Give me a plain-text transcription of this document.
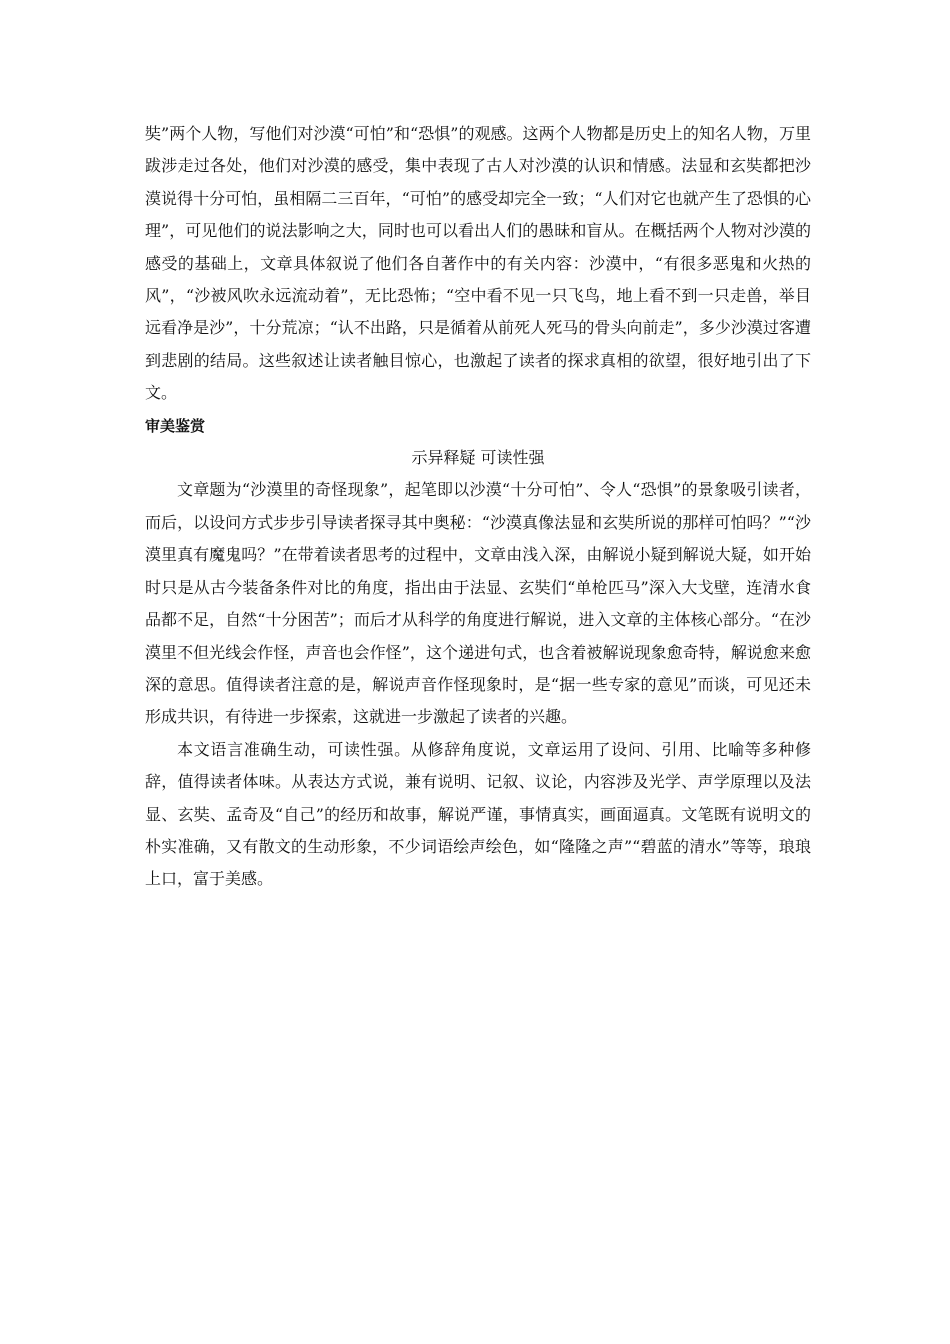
奘”两个人物，写他们对沙漠“可怕”和“恐惧”的观感。这两个人物都是历史上的知名人物，万里跋涉走过各处，他们对沙漠的感受，集中表现了古人对沙漠的认识和情感。法显和玄奘都把沙漠说得十分可怕，虽相隔二三百年，“可怕”的感受却完全一致；“人们对它也就产生了恐惧的心理”，可见他们的说法影响之大，同时也可以看出人们的愚昧和盲从。在概括两个人物对沙漠的感受的基础上，文章具体叙说了他们各自著作中的有关内容：沙漠中，“有很多恶鬼和火热的风”，“沙被风吹永远流动着”，无比恐怖；“空中看不见一只飞鸟，地上看不到一只走兽，举目远看净是沙”，十分荒凉；“认不出路，只是循着从前死人死马的骨头向前走”，多少沙漠过客遭到悲剧的结局。这些叙述让读者触目惊心，也激起了读者的探求真相的欲望，很好地引出了下文。

审美鉴赏

示异释疑 可读性强

文章题为“沙漠里的奇怪现象”，起笔即以沙漠“十分可怕”、令人“恐惧”的景象吸引读者，而后，以设问方式步步引导读者探寻其中奥秘：“沙漠真像法显和玄奘所说的那样可怕吗？”“沙漠里真有魔鬼吗？”在带着读者思考的过程中，文章由浅入深，由解说小疑到解说大疑，如开始时只是从古今装备条件对比的角度，指出由于法显、玄奘们“单枪匹马”深入大戈壁，连清水食品都不足，自然“十分困苦”；而后才从科学的角度进行解说，进入文章的主体核心部分。“在沙漠里不但光线会作怪，声音也会作怪”，这个递进句式，也含着被解说现象愈奇特，解说愈来愈深的意思。值得读者注意的是，解说声音作怪现象时，是“据一些专家的意见”而谈，可见还未形成共识，有待进一步探索，这就进一步激起了读者的兴趣。

本文语言准确生动，可读性强。从修辞角度说，文章运用了设问、引用、比喻等多种修辞，值得读者体味。从表达方式说，兼有说明、记叙、议论，内容涉及光学、声学原理以及法显、玄奘、孟奇及“自己”的经历和故事，解说严谨，事情真实，画面逼真。文笔既有说明文的朴实准确，又有散文的生动形象，不少词语绘声绘色，如“隆隆之声”“碧蓝的清水”等等，琅琅上口，富于美感。
